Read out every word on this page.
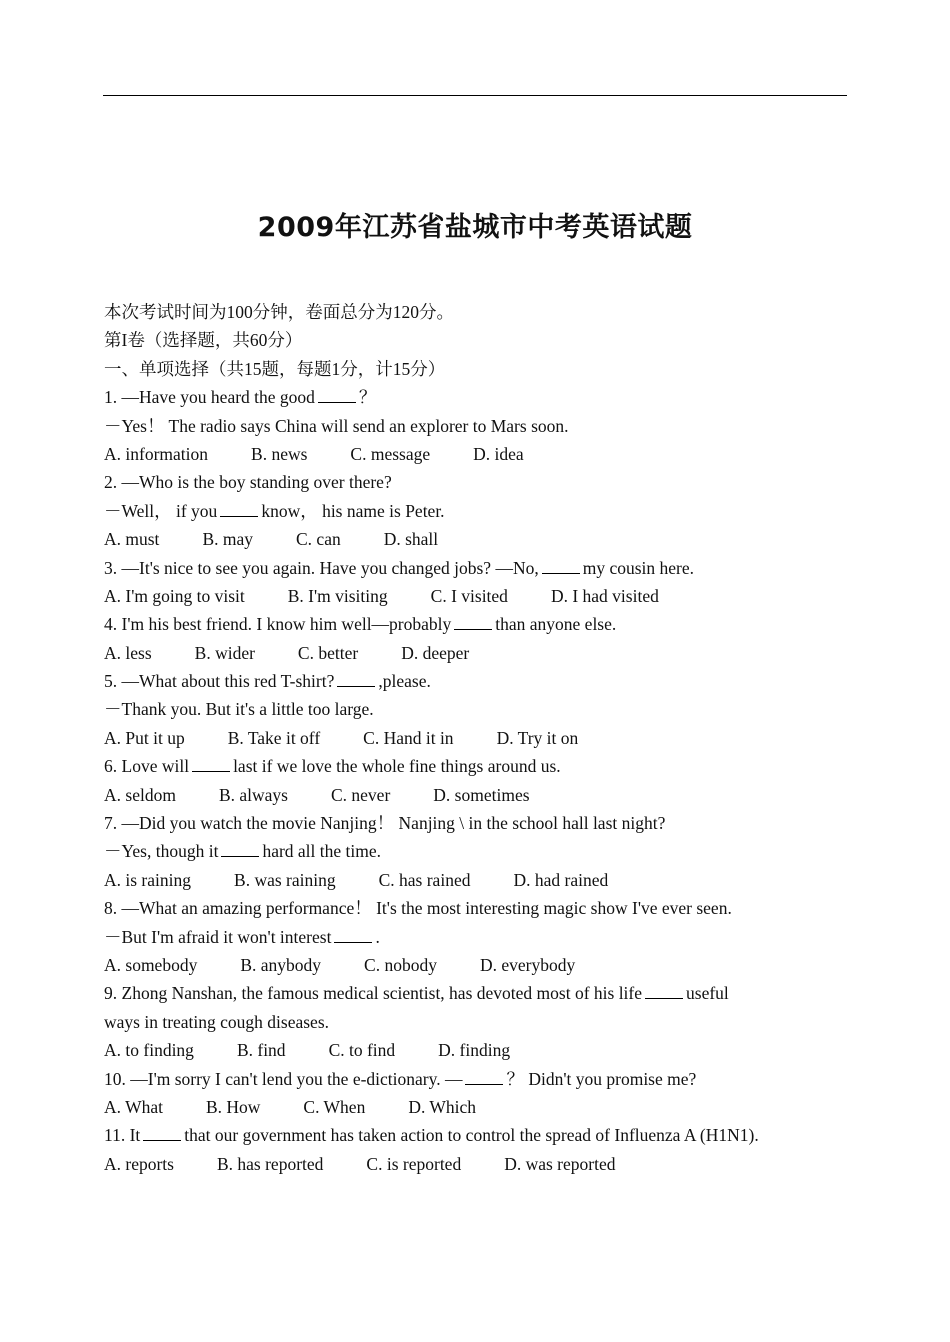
2009年江苏省盐城市中考英语试题
本次考试时间为100分钟，卷面总分为120分。
第I卷（选择题，共60分）
一、单项选择（共15题，每题1分，计15分）
1. —Have you heard the good	？
－Yes！ The radio says China will send an explorer to Mars soon.
A. information B. news C. message D. idea
2. —Who is the boy standing over there?
－Well， if you	know， his name is Peter.
A. must B. may C. can D. shall
3. —It's nice to see you again. Have you changed jobs? —No,	my cousin here.
A. I'm going to visit B. I'm visiting C. I visited D. I had visited
4. I'm his best friend. I know him well—probably	than anyone else.
A. less B. wider C. better D. deeper
5. —What about this red T-shirt?	,please.
－Thank you. But it's a little too large.
A. Put it up B. Take it off C. Hand it in D. Try it on
6. Love will	last if we love the whole fine things around us.
A. seldom B. always C. never D. sometimes
7. —Did you watch the movie Nanjing！ Nanjing \ in the school hall last night?
－Yes, though it	hard all the time.
A. is raining B. was raining C. has rained D. had rained
8. —What an amazing performance！ It's the most interesting magic show I've ever seen.
－But I'm afraid it won't interest	.
A. somebody B. anybody C. nobody D. everybody
9. Zhong Nanshan, the famous medical scientist, has devoted most of his life	useful
ways in treating cough diseases.
A. to finding B. find C. to find D. finding
10. —I'm sorry I can't lend you the e-dictionary. —	？ Didn't you promise me?
A. What B. How C. When D. Which
11. It	that our government has taken action to control the spread of Influenza A (H1N1).
A. reports B. has reported C. is reported D. was reported
